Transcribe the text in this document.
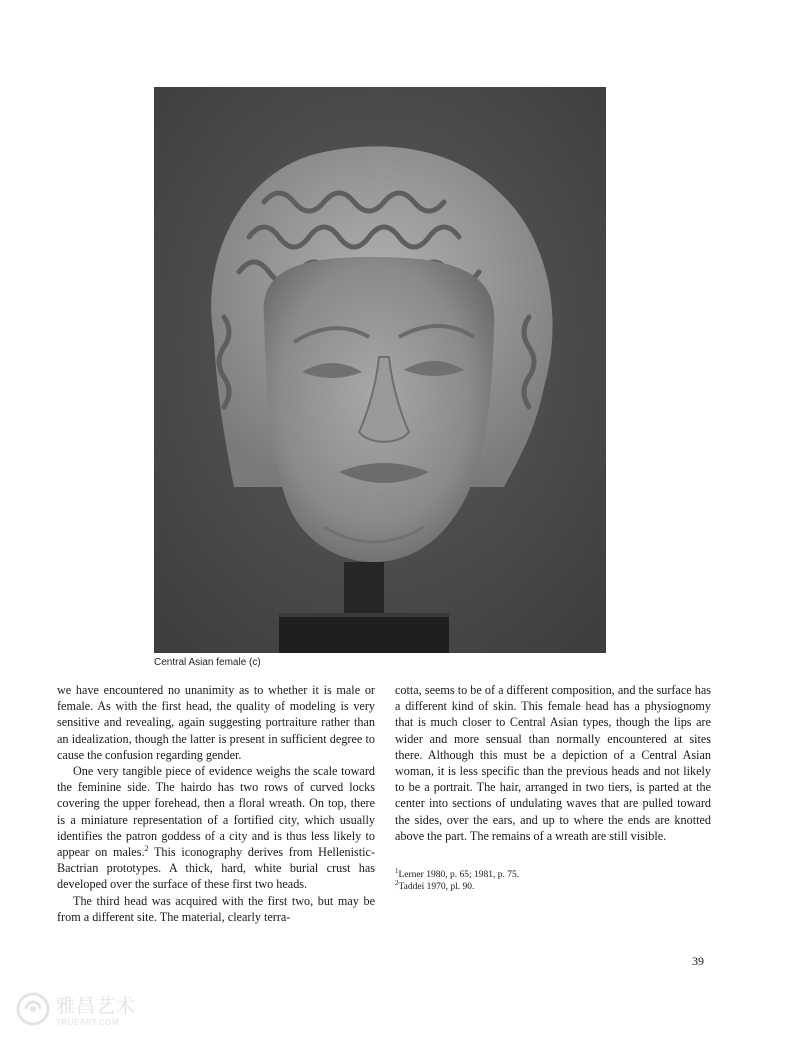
Central Asian female (c)

we have encountered no unanimity as to whether it is male or female. As with the first head, the quality of modeling is very sensitive and revealing, again suggesting portraiture rather than an idealization, though the latter is present in sufficient degree to cause the confusion regarding gender.

One very tangible piece of evidence weighs the scale toward the feminine side. The hairdo has two rows of curved locks covering the upper forehead, then a floral wreath. On top, there is a miniature representation of a fortified city, which usually identifies the patron goddess of a city and is thus less likely to appear on males.$^2$ This iconography derives from Hellenistic-Bactrian prototypes. A thick, hard, white burial crust has developed over the surface of these first two heads.

The third head was acquired with the first two, but may be from a different site. The material, clearly terra-

cotta, seems to be of a different composition, and the surface has a different kind of skin. This female head has a physiognomy that is much closer to Central Asian types, though the lips are wider and more sensual than normally encountered at sites there. Although this must be a depiction of a Central Asian woman, it is less specific than the previous heads and not likely to be a portrait. The hair, arranged in two tiers, is parted at the center into sections of undulating waves that are pulled toward the sides, over the ears, and up to where the ends are knotted above the part. The remains of a wreath are still visible.

$^1$Lerner 1980, p. 65; 1981, p. 75.
$^2$Taddei 1970, pl. 90.
39
雅昌艺术
TRUEART.COM
